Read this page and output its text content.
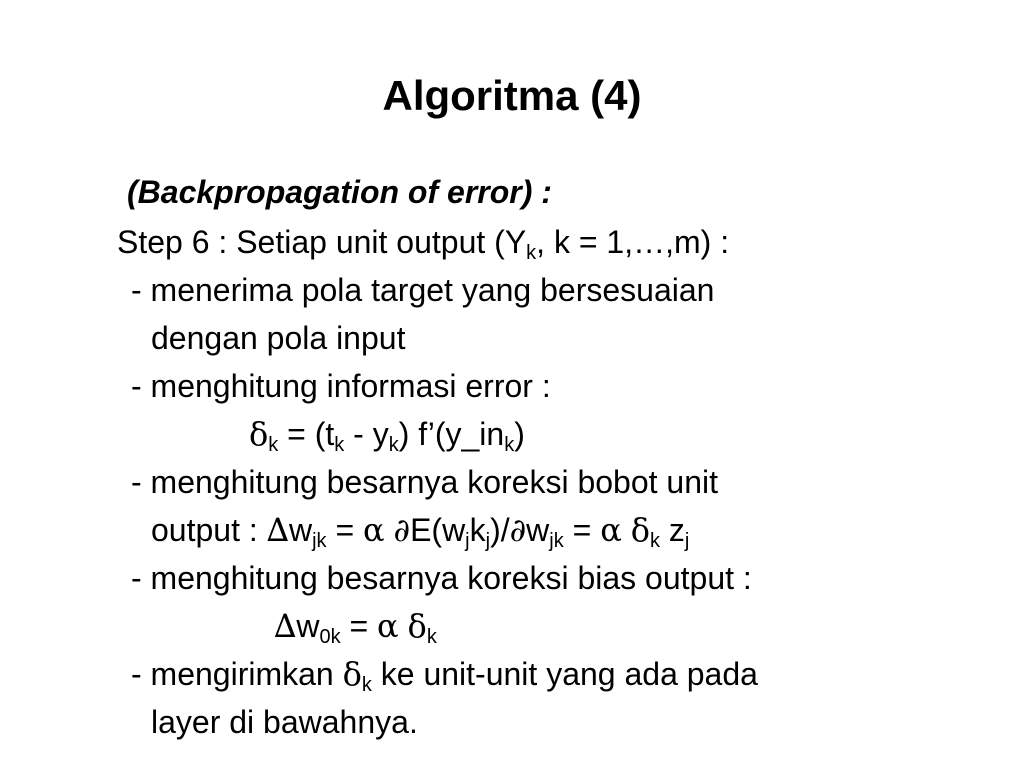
Algoritma (4)
(Backpropagation of error) :
Step 6 : Setiap unit output ($Y_k$, k = 1,…,m) :
- menerima pola target yang bersesuaian
dengan pola input
- menghitung informasi error :
$\delta_k = (t_k - y_k)$ $f’(y\_in_k)$
- menghitung besarnya koreksi bobot unit
output : $\Delta w_{jk} = \alpha$ $\partial E(w_jk_j)/\partial w_{jk} = \alpha$ $\delta_k$ $z_j$
- menghitung besarnya koreksi bias output :
$\Delta w_{0k} = \alpha$ $\delta_k$
- mengirimkan $\delta_k$ ke unit-unit yang ada pada
layer di bawahnya.
